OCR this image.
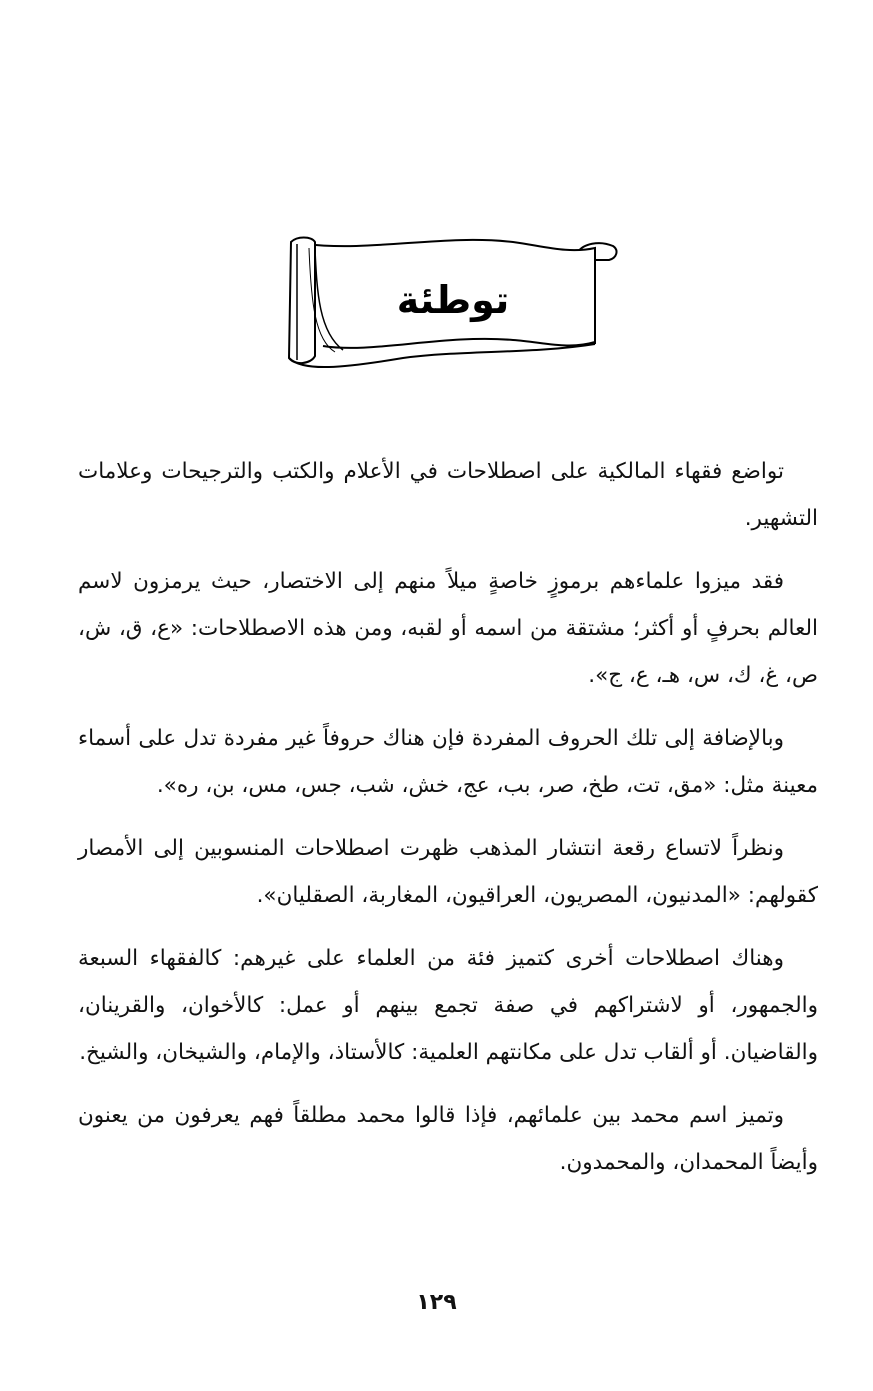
توطئة

تواضع فقهاء المالكية على اصطلاحات في الأعلام والكتب والترجيحات وعلامات التشهير.

فقد ميزوا علماءهم برموزٍ خاصةٍ ميلاً منهم إلى الاختصار، حيث يرمزون لاسم العالم بحرفٍ أو أكثر؛ مشتقة من اسمه أو لقبه، ومن هذه الاصطلاحات: «ع، ق، ش، ص، غ، ك، س، هـ، ع، ج».

وبالإضافة إلى تلك الحروف المفردة فإن هناك حروفاً غير مفردة تدل على أسماء معينة مثل: «مق، تت، طخ، صر، بب، عج، خش، شب، جس، مس، بن، ره».

ونظراً لاتساع رقعة انتشار المذهب ظهرت اصطلاحات المنسوبين إلى الأمصار كقولهم: «المدنيون، المصريون، العراقيون، المغاربة، الصقليان».

وهناك اصطلاحات أخرى كتميز فئة من العلماء على غيرهم: كالفقهاء السبعة والجمهور، أو لاشتراكهم في صفة تجمع بينهم أو عمل: كالأخوان، والقرينان، والقاضيان. أو ألقاب تدل على مكانتهم العلمية: كالأستاذ، والإمام، والشيخان، والشيخ.

وتميز اسم محمد بين علمائهم، فإذا قالوا محمد مطلقاً فهم يعرفون من يعنون وأيضاً المحمدان، والمحمدون.

١٢٩
